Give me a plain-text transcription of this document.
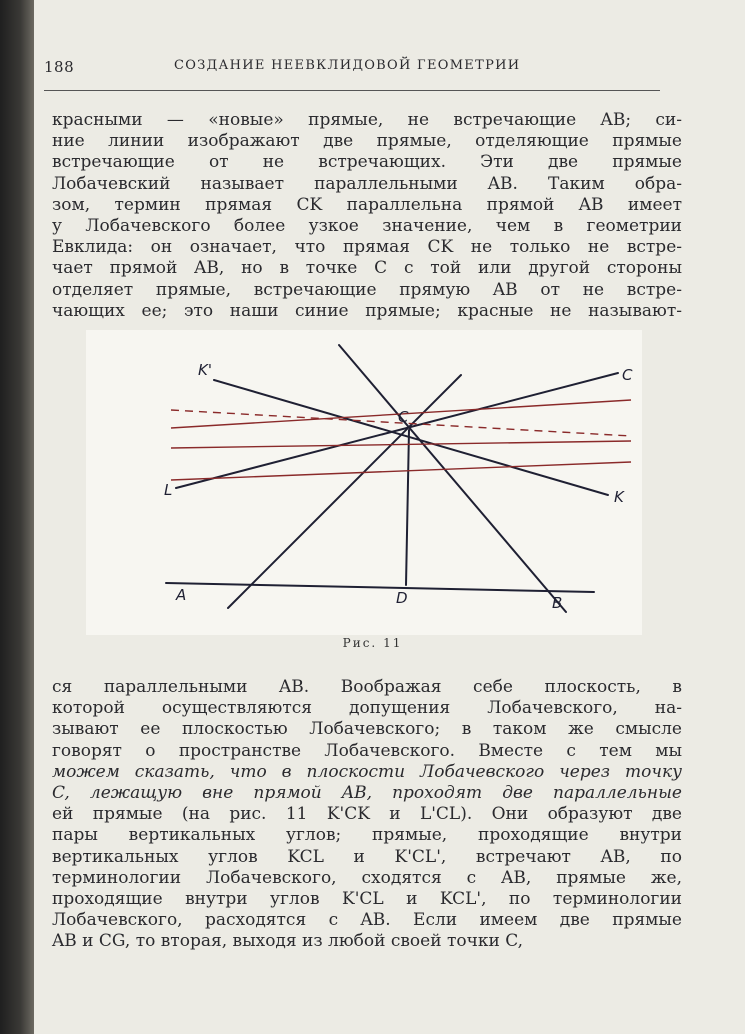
188	СОЗДАНИЕ НЕЕВКЛИДОВОЙ ГЕОМЕТРИИ
красными — «новые» прямые, не встречающие AB; си-
ние линии изображают две прямые, отделяющие прямые
встречающие от не встречающих. Эти две прямые
Лобачевский называет параллельными AB. Таким обра-
зом, термин прямая CK параллельна прямой AB имеет
у Лобачевского более узкое значение, чем в геометрии
Евклида: он означает, что прямая CK не только не встре-
чает прямой AB, но в точке C с той или другой стороны
отделяет прямые, встречающие прямую AB от не встре-
чающих ее; это наши синие прямые; красные не называют-
K'	C
C
L	K
A	D	B
Рис. 11
ся параллельными AB. Воображая себе плоскость, в
которой осуществляются допущения Лобачевского, на-
зывают ее плоскостью Лобачевского; в таком же смысле
говорят о пространстве Лобачевского. Вместе с тем мы
можем сказать, что в плоскости Лобачевского через точку
C, лежащую вне прямой AB, проходят две параллельные
ей прямые (на рис. 11 K'CK и L'CL). Они образуют две
пары вертикальных углов; прямые, проходящие внутри
вертикальных углов KCL и K'CL', встречают AB, по
терминологии Лобачевского, сходятся с AB, прямые же,
проходящие внутри углов K'CL и KCL', по терминологии
Лобачевского, расходятся с AB. Если имеем две прямые
AB и CG, то вторая, выходя из любой своей точки C,
